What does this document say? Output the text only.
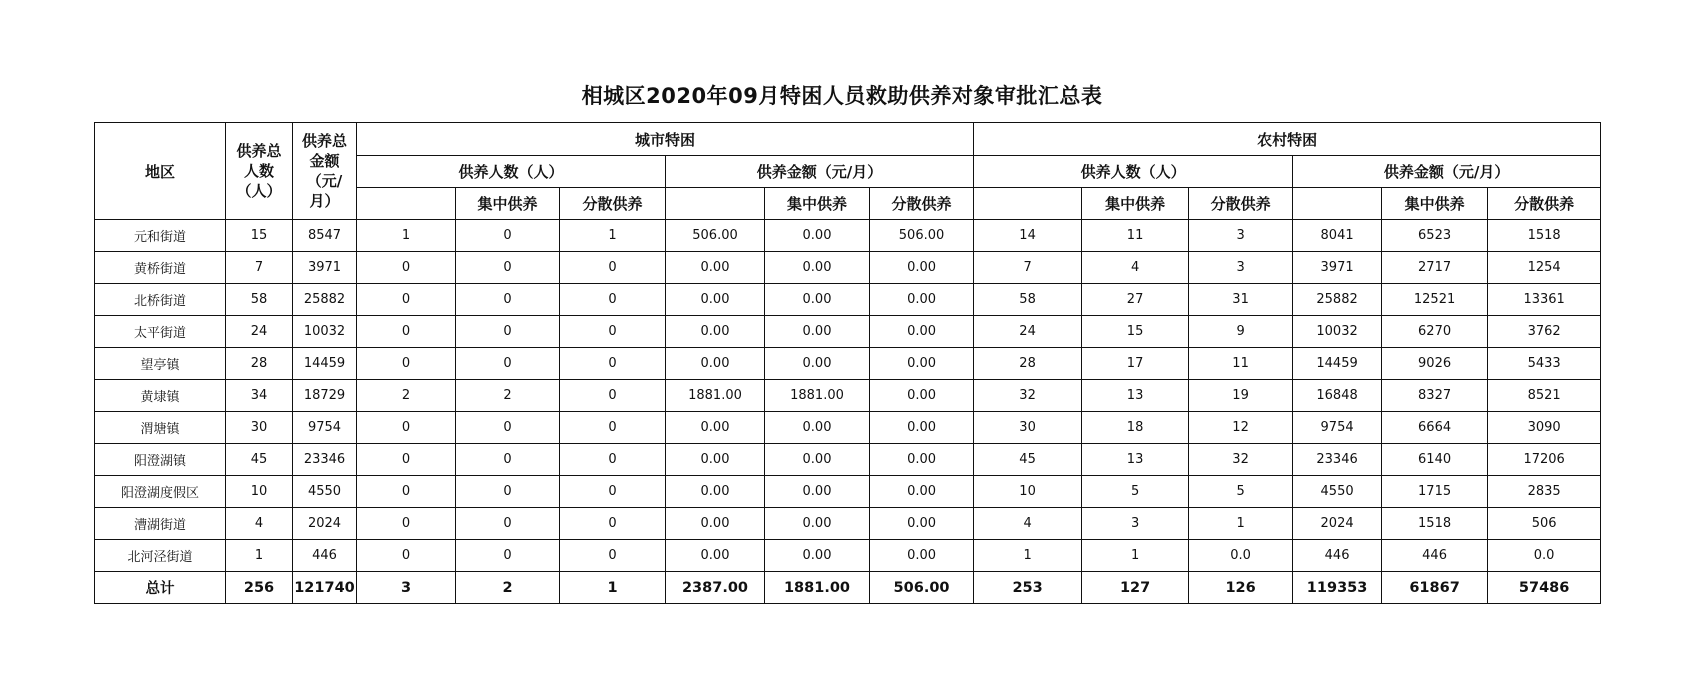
相城区2020年09月特困人员救助供养对象审批汇总表
地区	供养总
人数
（人）	供养总
金额
（元/
月）	城市特困						农村特困					
			供养人数（人）			供养金额（元/月）			供养人数（人）			供养金额（元/月）		
				集中供养	分散供养		集中供养	分散供养		集中供养	分散供养		集中供养	分散供养
元和街道	15	8547	1	0	1	506.00	0.00	506.00	14	11	3	8041	6523	1518
黄桥街道	7	3971	0	0	0	0.00	0.00	0.00	7	4	3	3971	2717	1254
北桥街道	58	25882	0	0	0	0.00	0.00	0.00	58	27	31	25882	12521	13361
太平街道	24	10032	0	0	0	0.00	0.00	0.00	24	15	9	10032	6270	3762
望亭镇	28	14459	0	0	0	0.00	0.00	0.00	28	17	11	14459	9026	5433
黄埭镇	34	18729	2	2	0	1881.00	1881.00	0.00	32	13	19	16848	8327	8521
渭塘镇	30	9754	0	0	0	0.00	0.00	0.00	30	18	12	9754	6664	3090
阳澄湖镇	45	23346	0	0	0	0.00	0.00	0.00	45	13	32	23346	6140	17206
阳澄湖度假区	10	4550	0	0	0	0.00	0.00	0.00	10	5	5	4550	1715	2835
漕湖街道	4	2024	0	0	0	0.00	0.00	0.00	4	3	1	2024	1518	506
北河泾街道	1	446	0	0	0	0.00	0.00	0.00	1	1	0.0	446	446	0.0
总计	256	121740	3	2	1	2387.00	1881.00	506.00	253	127	126	119353	61867	57486
